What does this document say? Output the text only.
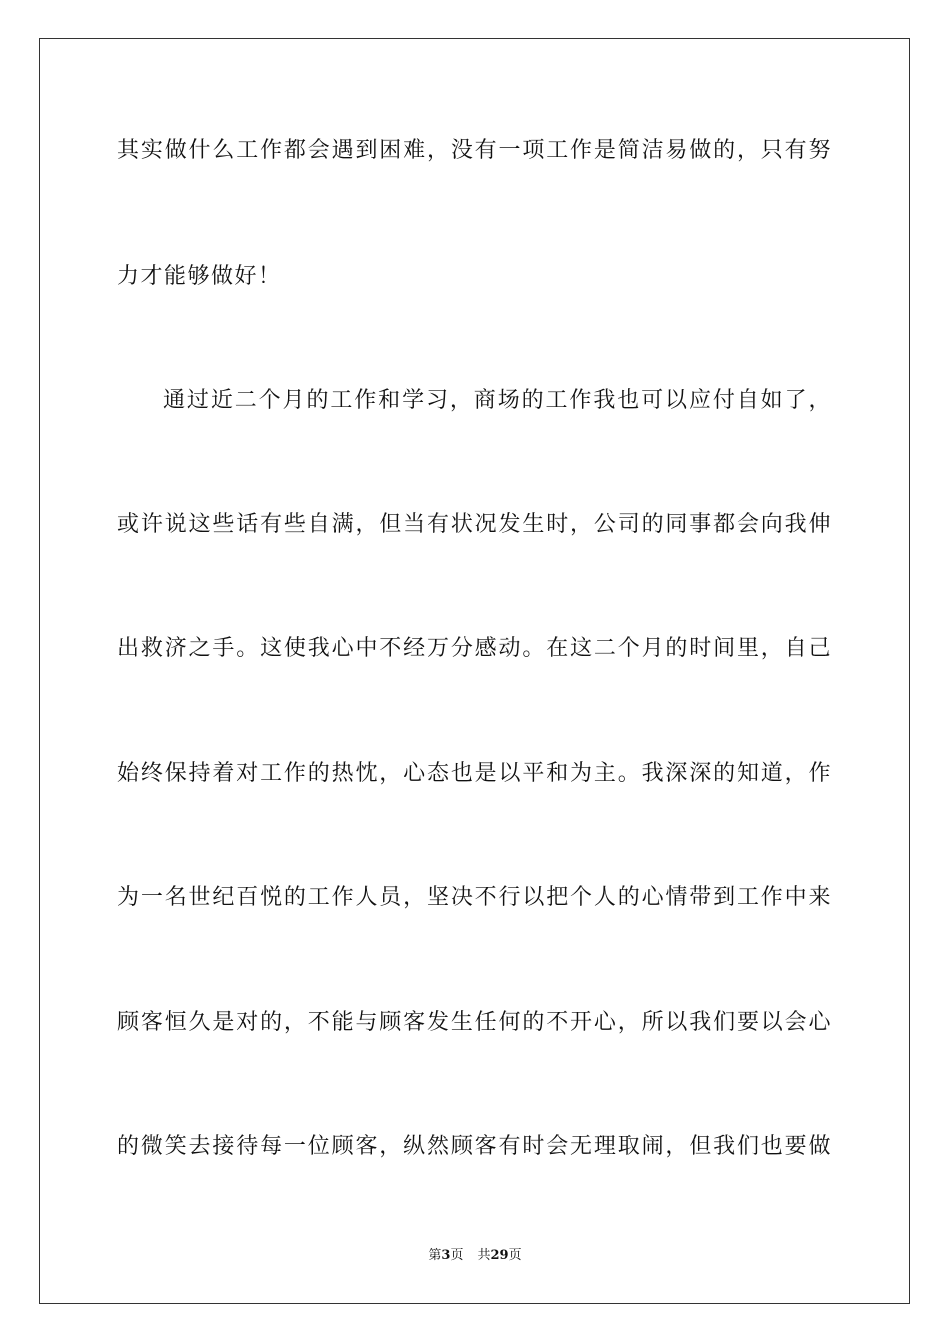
其实做什么工作都会遇到困难，没有一项工作是简洁易做的，只有努
力才能够做好！
通过近二个月的工作和学习，商场的工作我也可以应付自如了，
或许说这些话有些自满，但当有状况发生时，公司的同事都会向我伸
出救济之手。这使我心中不经万分感动。在这二个月的时间里，自己
始终保持着对工作的热忱，心态也是以平和为主。我深深的知道，作
为一名世纪百悦的工作人员，坚决不行以把个人的心情带到工作中来
顾客恒久是对的，不能与顾客发生任何的不开心，所以我们要以会心
的微笑去接待每一位顾客，纵然顾客有时会无理取闹，但我们也要做
第3页 共29页
